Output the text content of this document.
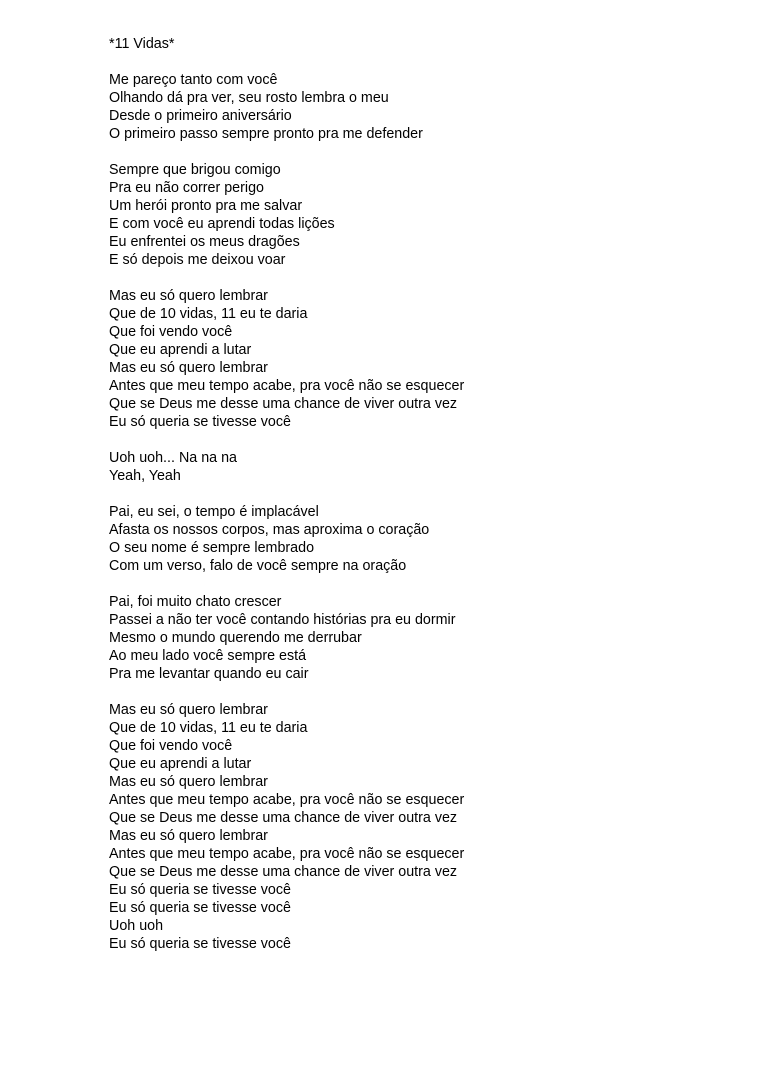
*11 Vidas*
Me pareço tanto com você
Olhando dá pra ver, seu rosto lembra o meu
Desde o primeiro aniversário
O primeiro passo sempre pronto pra me defender
Sempre que brigou comigo
Pra eu não correr perigo
Um herói pronto pra me salvar
E com você eu aprendi todas lições
Eu enfrentei os meus dragões
E só depois me deixou voar
Mas eu só quero lembrar
Que de 10 vidas, 11 eu te daria
Que foi vendo você
Que eu aprendi a lutar
Mas eu só quero lembrar
Antes que meu tempo acabe, pra você não se esquecer
Que se Deus me desse uma chance de viver outra vez
Eu só queria se tivesse você
Uoh uoh... Na na na
Yeah, Yeah
Pai, eu sei, o tempo é implacável
Afasta os nossos corpos, mas aproxima o coração
O seu nome é sempre lembrado
Com um verso, falo de você sempre na oração
Pai, foi muito chato crescer
Passei a não ter você contando histórias pra eu dormir
Mesmo o mundo querendo me derrubar
Ao meu lado você sempre está
Pra me levantar quando eu cair
Mas eu só quero lembrar
Que de 10 vidas, 11 eu te daria
Que foi vendo você
Que eu aprendi a lutar
Mas eu só quero lembrar
Antes que meu tempo acabe, pra você não se esquecer
Que se Deus me desse uma chance de viver outra vez
Mas eu só quero lembrar
Antes que meu tempo acabe, pra você não se esquecer
Que se Deus me desse uma chance de viver outra vez
Eu só queria se tivesse você
Eu só queria se tivesse você
Uoh uoh
Eu só queria se tivesse você
